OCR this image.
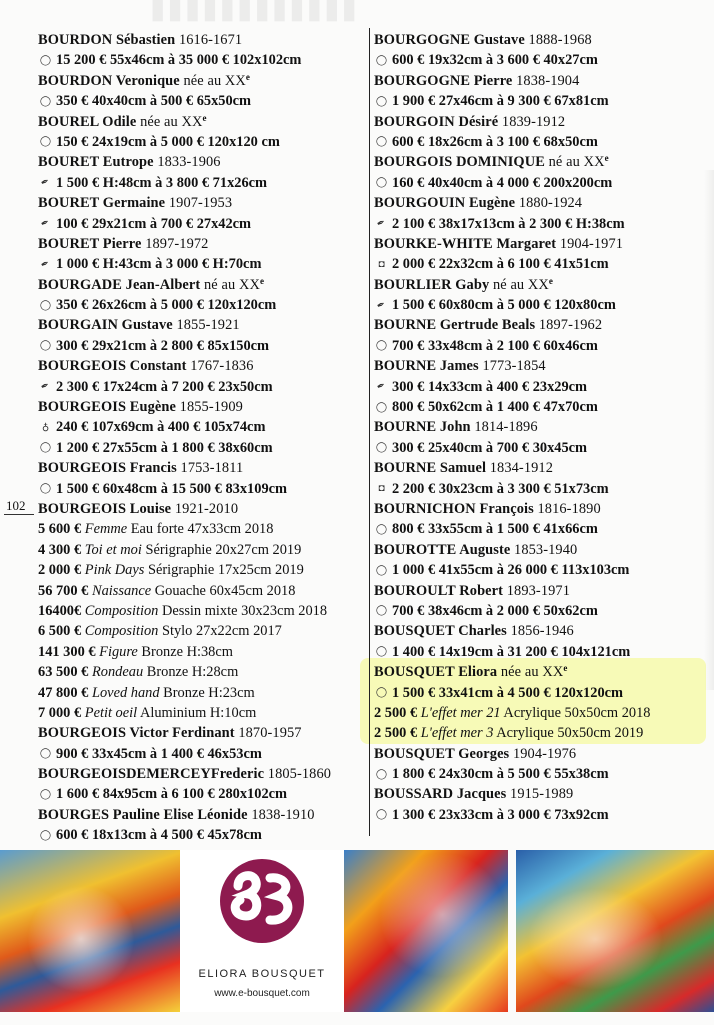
▮▮▮▮▮▮▮▮▮▮▮▮
102
BOURDON Sébastien 1616-1671
◯ 15 200 € 55x46cm à 35 000 € 102x102cm
BOURDON Veronique née au XXe
◯ 350 € 40x40cm à 500 € 65x50cm
BOUREL Odile née au XXe
◯ 150 € 24x19cm à 5 000 € 120x120 cm
BOURET Eutrope 1833-1906
✒ 1 500 € H:48cm à 3 800 € 71x26cm
BOURET Germaine 1907-1953
✒ 100 € 29x21cm à 700 € 27x42cm
BOURET Pierre 1897-1972
✒ 1 000 € H:43cm à 3 000 € H:70cm
BOURGADE Jean-Albert né au XXe
◯ 350 € 26x26cm à 5 000 € 120x120cm
BOURGAIN Gustave 1855-1921
◯ 300 € 29x21cm à 2 800 € 85x150cm
BOURGEOIS Constant 1767-1836
✒ 2 300 € 17x24cm à 7 200 € 23x50cm
BOURGEOIS Eugène 1855-1909
♁ 240 € 107x69cm à 400 € 105x74cm
◯ 1 200 € 27x55cm à 1 800 € 38x60cm
BOURGEOIS Francis 1753-1811
◯ 1 500 € 60x48cm à 15 500 € 83x109cm
BOURGEOIS Louise 1921-2010
5 600 € Femme Eau forte 47x33cm 2018
4 300 € Toi et moi Sérigraphie 20x27cm 2019
2 000 € Pink Days Sérigraphie 17x25cm 2019
56 700 € Naissance Gouache 60x45cm 2018
16400€ Composition Dessin mixte 30x23cm 2018
6 500 € Composition Stylo 27x22cm 2017
141 300 € Figure Bronze H:38cm
63 500 € Rondeau Bronze H:28cm
47 800 € Loved hand Bronze H:23cm
7 000 € Petit oeil Aluminium H:10cm
BOURGEOIS Victor Ferdinant 1870-1957
◯ 900 € 33x45cm à 1 400 € 46x53cm
BOURGEOISDEMERCEYFrederic 1805-1860
◯ 1 600 € 84x95cm à 6 100 € 280x102cm
BOURGES Pauline Elise Léonide 1838-1910
◯ 600 € 18x13cm à 4 500 € 45x78cm
BOURGOGNE Gustave 1888-1968
◯ 600 € 19x32cm à 3 600 € 40x27cm
BOURGOGNE Pierre 1838-1904
◯ 1 900 € 27x46cm à 9 300 € 67x81cm
BOURGOIN Désiré 1839-1912
◯ 600 € 18x26cm à 3 100 € 68x50cm
BOURGOIS DOMINIQUE né au XXe
◯ 160 € 40x40cm à 4 000 € 200x200cm
BOURGOUIN Eugène 1880-1924
✒ 2 100 € 38x17x13cm à 2 300 € H:38cm
BOURKE-WHITE Margaret 1904-1971
◘ 2 000 € 22x32cm à 6 100 € 41x51cm
BOURLIER Gaby né au XXe
✒ 1 500 € 60x80cm à 5 000 € 120x80cm
BOURNE Gertrude Beals 1897-1962
◯ 700 € 33x48cm à 2 100 € 60x46cm
BOURNE James 1773-1854
✒ 300 € 14x33cm à 400 € 23x29cm
◯ 800 € 50x62cm à 1 400 € 47x70cm
BOURNE John 1814-1896
◯ 300 € 25x40cm à 700 € 30x45cm
BOURNE Samuel 1834-1912
◘ 2 200 € 30x23cm à 3 300 € 51x73cm
BOURNICHON François 1816-1890
◯ 800 € 33x55cm à 1 500 € 41x66cm
BOUROTTE Auguste 1853-1940
◯ 1 000 € 41x55cm à 26 000 € 113x103cm
BOUROULT Robert 1893-1971
◯ 700 € 38x46cm à 2 000 € 50x62cm
BOUSQUET Charles 1856-1946
◯ 1 400 € 14x19cm à 31 200 € 104x121cm
BOUSQUET Eliora née au XXe
◯ 1 500 € 33x41cm à 4 500 € 120x120cm
2 500 € L'effet mer 21 Acrylique 50x50cm 2018
2 500 € L'effet mer 3 Acrylique 50x50cm 2019
BOUSQUET Georges 1904-1976
◯ 1 800 € 24x30cm à 5 500 € 55x38cm
BOUSSARD Jacques 1915-1989
◯ 1 300 € 23x33cm à 3 000 € 73x92cm
ELIORA BOUSQUET
www.e-bousquet.com
